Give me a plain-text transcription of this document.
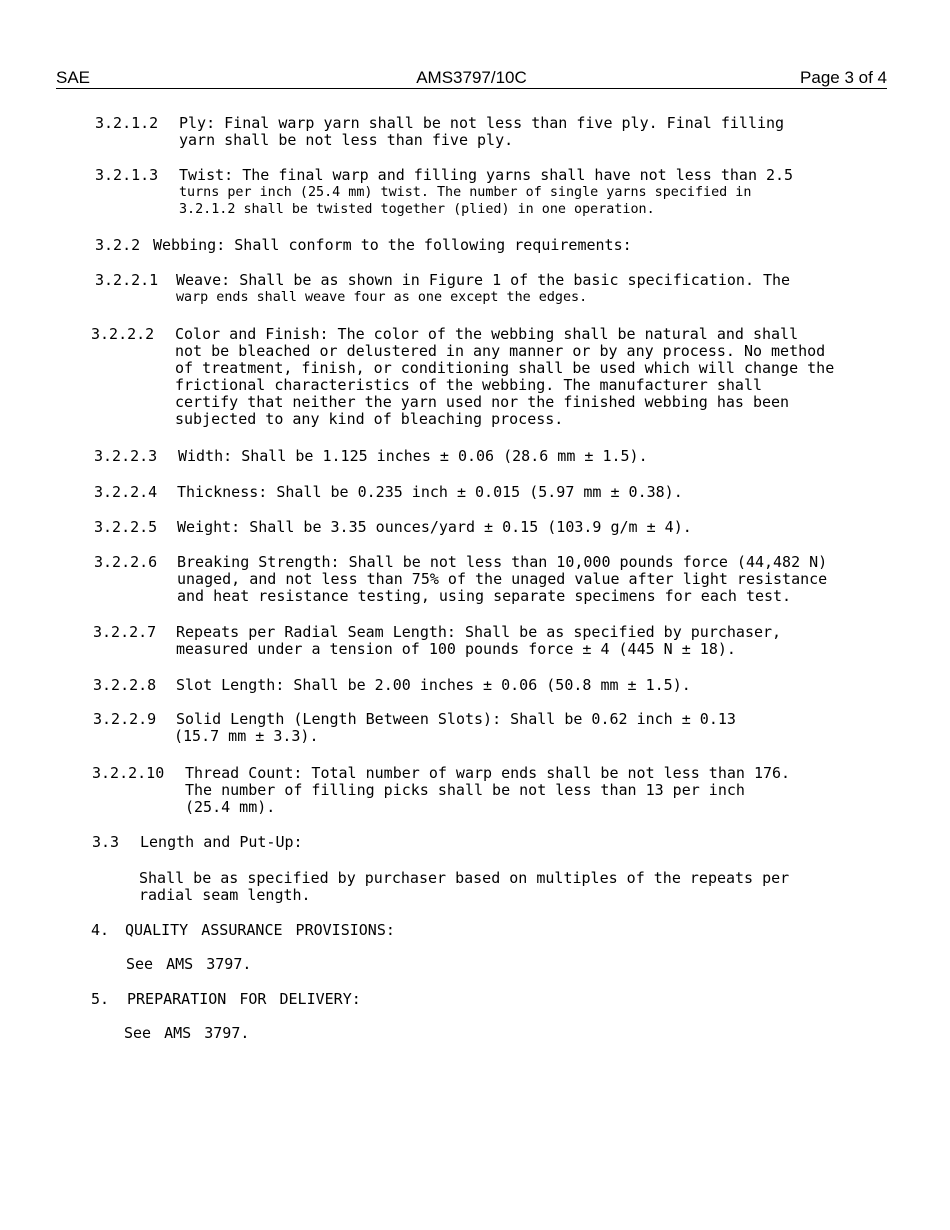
SAE	AMS3797/10C	Page 3 of 4
3.2.1.2 Ply: Final warp yarn shall be not less than five ply. Final filling
yarn shall be not less than five ply.
3.2.1.3 Twist: The final warp and filling yarns shall have not less than 2.5
turns per inch (25.4 mm) twist. The number of single yarns specified in
3.2.1.2 shall be twisted together (plied) in one operation.
3.2.2 Webbing: Shall conform to the following requirements:
3.2.2.1 Weave: Shall be as shown in Figure 1 of the basic specification. The
warp ends shall weave four as one except the edges.
3.2.2.2 Color and Finish: The color of the webbing shall be natural and shall
not be bleached or delustered in any manner or by any process. No method
of treatment, finish, or conditioning shall be used which will change the
frictional characteristics of the webbing. The manufacturer shall
certify that neither the yarn used nor the finished webbing has been
subjected to any kind of bleaching process.
3.2.2.3 Width: Shall be 1.125 inches ± 0.06 (28.6 mm ± 1.5).
3.2.2.4 Thickness: Shall be 0.235 inch ± 0.015 (5.97 mm ± 0.38).
3.2.2.5 Weight: Shall be 3.35 ounces/yard ± 0.15 (103.9 g/m ± 4).
3.2.2.6 Breaking Strength: Shall be not less than 10,000 pounds force (44,482 N)
unaged, and not less than 75% of the unaged value after light resistance
and heat resistance testing, using separate specimens for each test.
3.2.2.7 Repeats per Radial Seam Length: Shall be as specified by purchaser,
measured under a tension of 100 pounds force ± 4 (445 N ± 18).
3.2.2.8 Slot Length: Shall be 2.00 inches ± 0.06 (50.8 mm ± 1.5).
3.2.2.9 Solid Length (Length Between Slots): Shall be 0.62 inch ± 0.13
(15.7 mm ± 3.3).
3.2.2.10 Thread Count: Total number of warp ends shall be not less than 176.
The number of filling picks shall be not less than 13 per inch
(25.4 mm).
3.3 Length and Put-Up:
Shall be as specified by purchaser based on multiples of the repeats per
radial seam length.
4. QUALITY ASSURANCE PROVISIONS:
See AMS 3797.
5. PREPARATION FOR DELIVERY:
See AMS 3797.
